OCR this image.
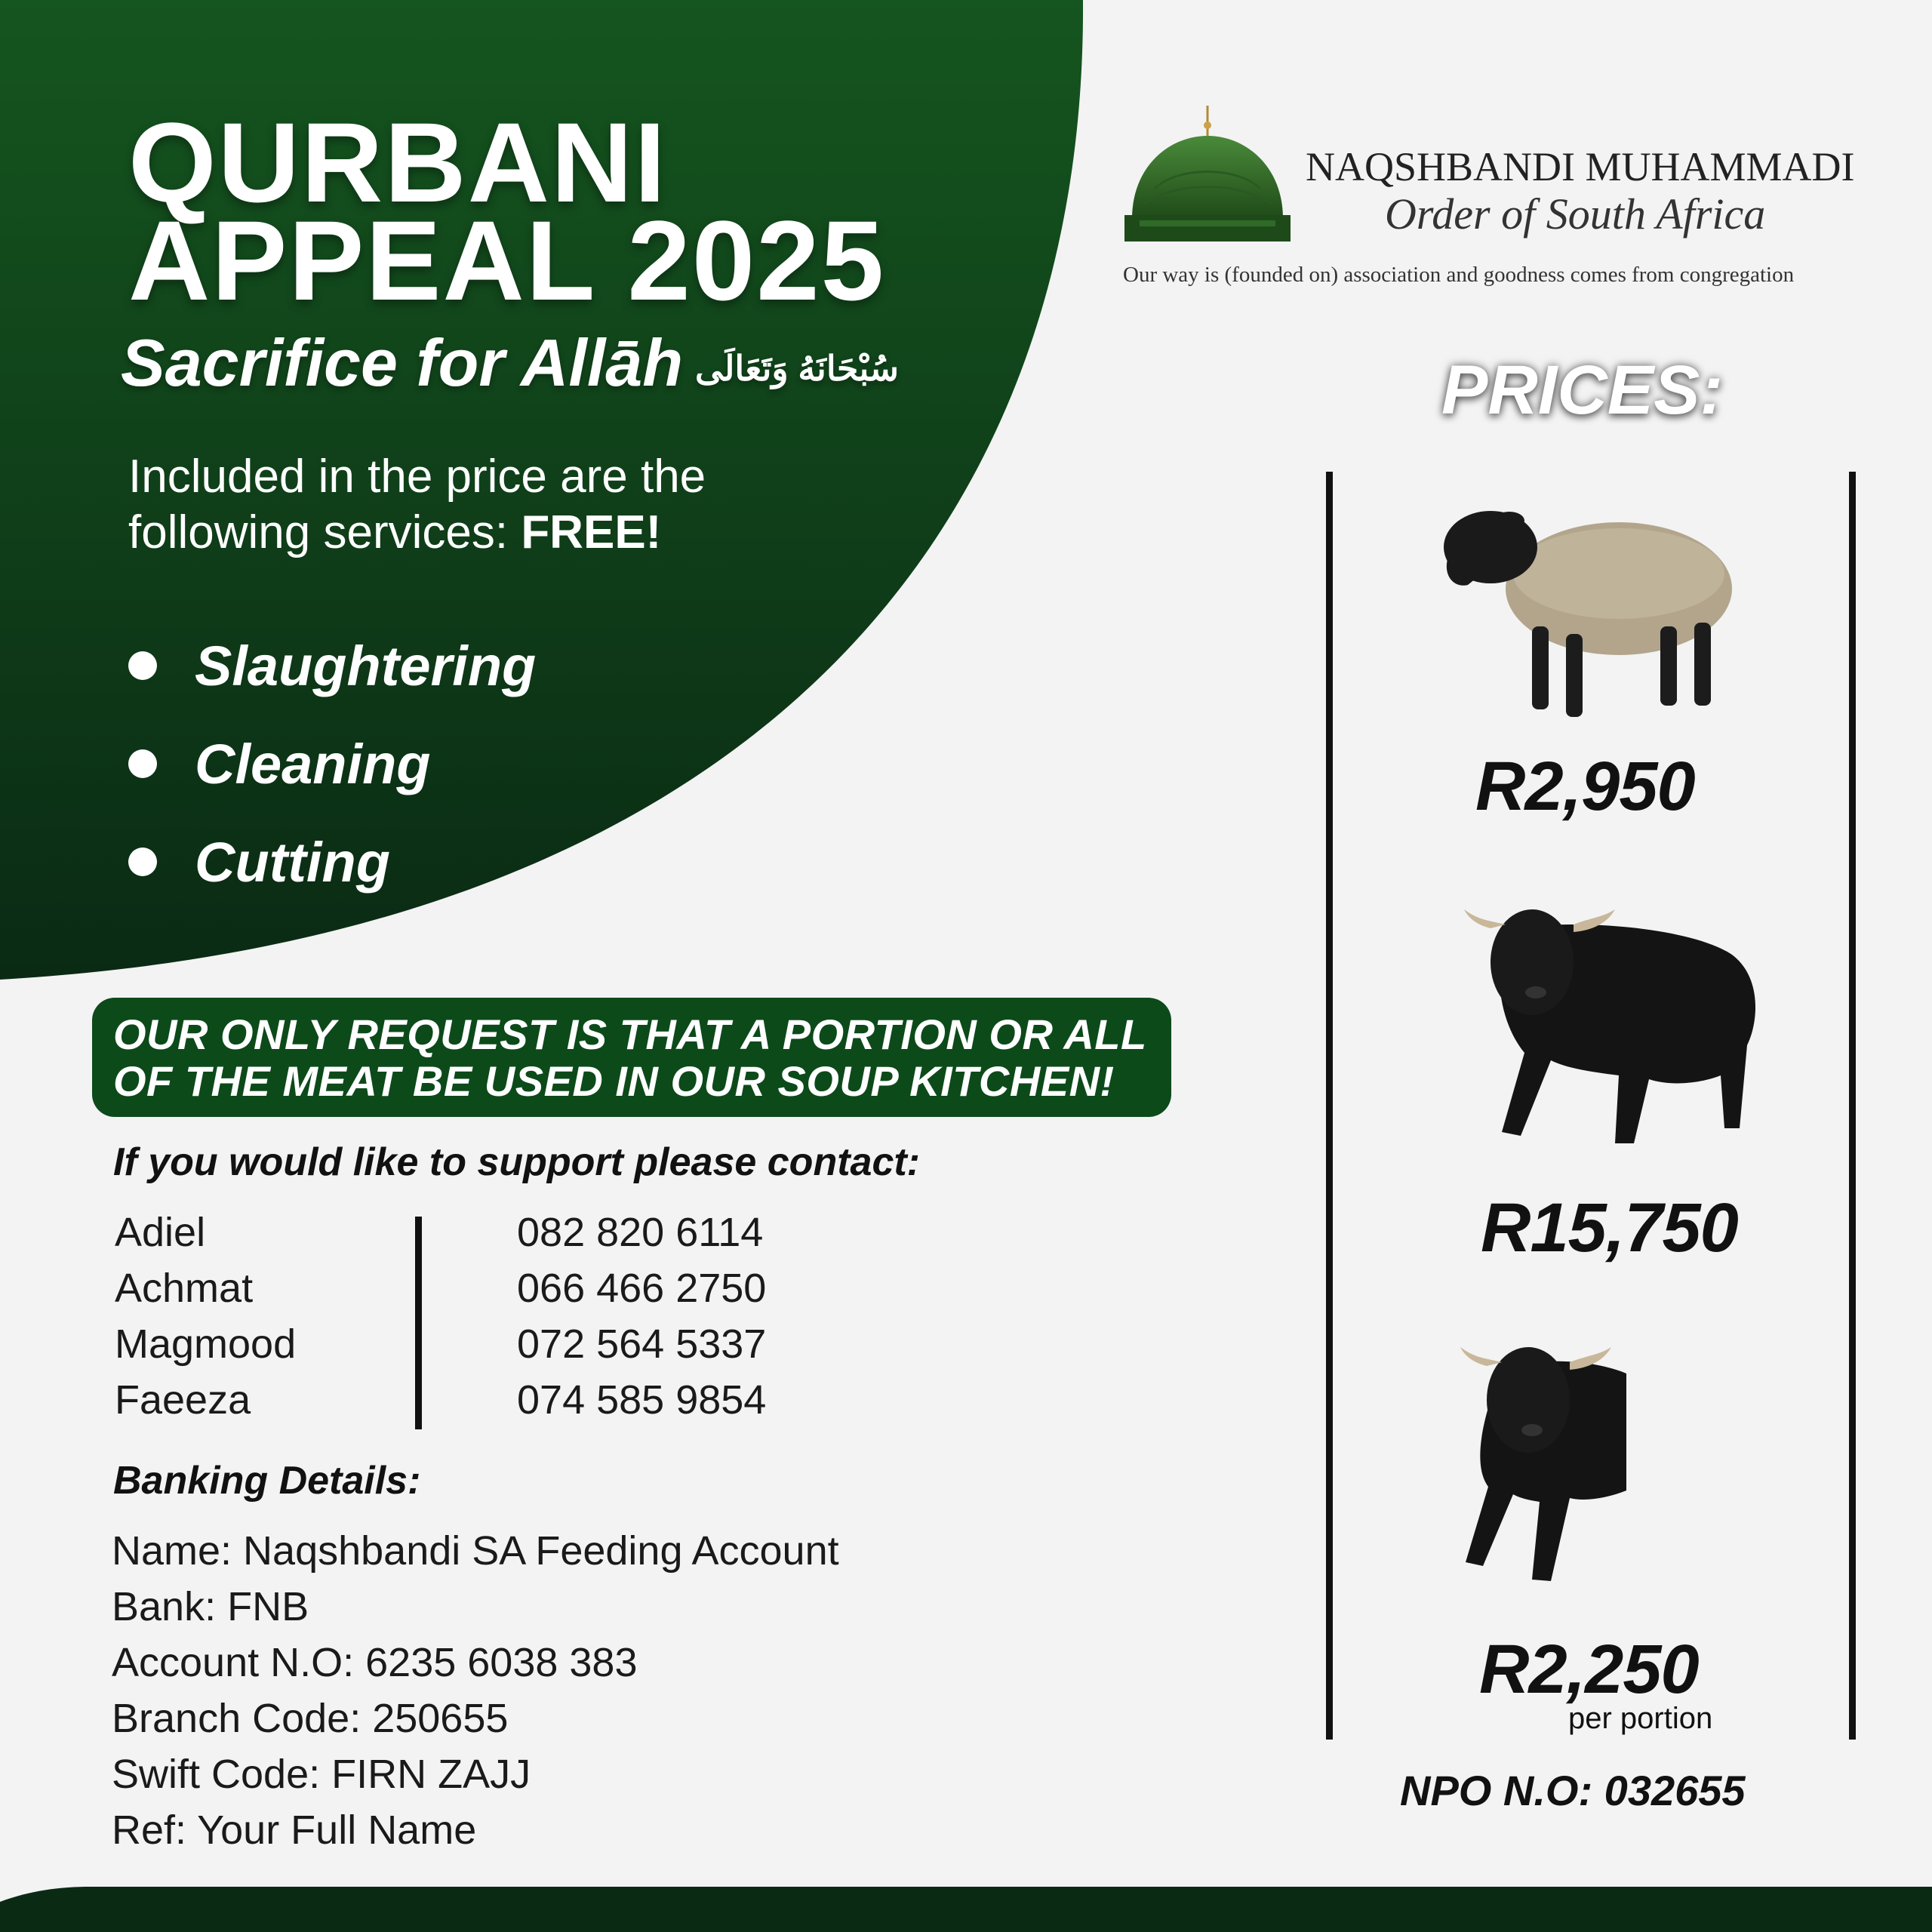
QURBANI
APPEAL 2025
Sacrifice for Allāh سُبْحَانَهُ وَتَعَالَى
Included in the price are the following services: FREE!
Slaughtering
Cleaning
Cutting
OUR ONLY REQUEST IS THAT A PORTION OR ALL
OF THE MEAT BE USED IN OUR SOUP KITCHEN!
If you would like to support please contact:
Adiel	082 820 6114
Achmat	066 466 2750
Magmood	072 564 5337
Faeeza	074 585 9854
Banking Details:
Name: Naqshbandi SA Feeding Account
Bank: FNB
Account N.O: 6235 6038 383
Branch Code: 250655
Swift Code: FIRN ZAJJ
Ref: Your Full Name
NAQSHBANDI MUHAMMADI
Order of South Africa
Our way is (founded on) association and goodness comes from congregation
PRICES:
R2,950
R15,750
R2,250
per portion
NPO N.O: 032655
